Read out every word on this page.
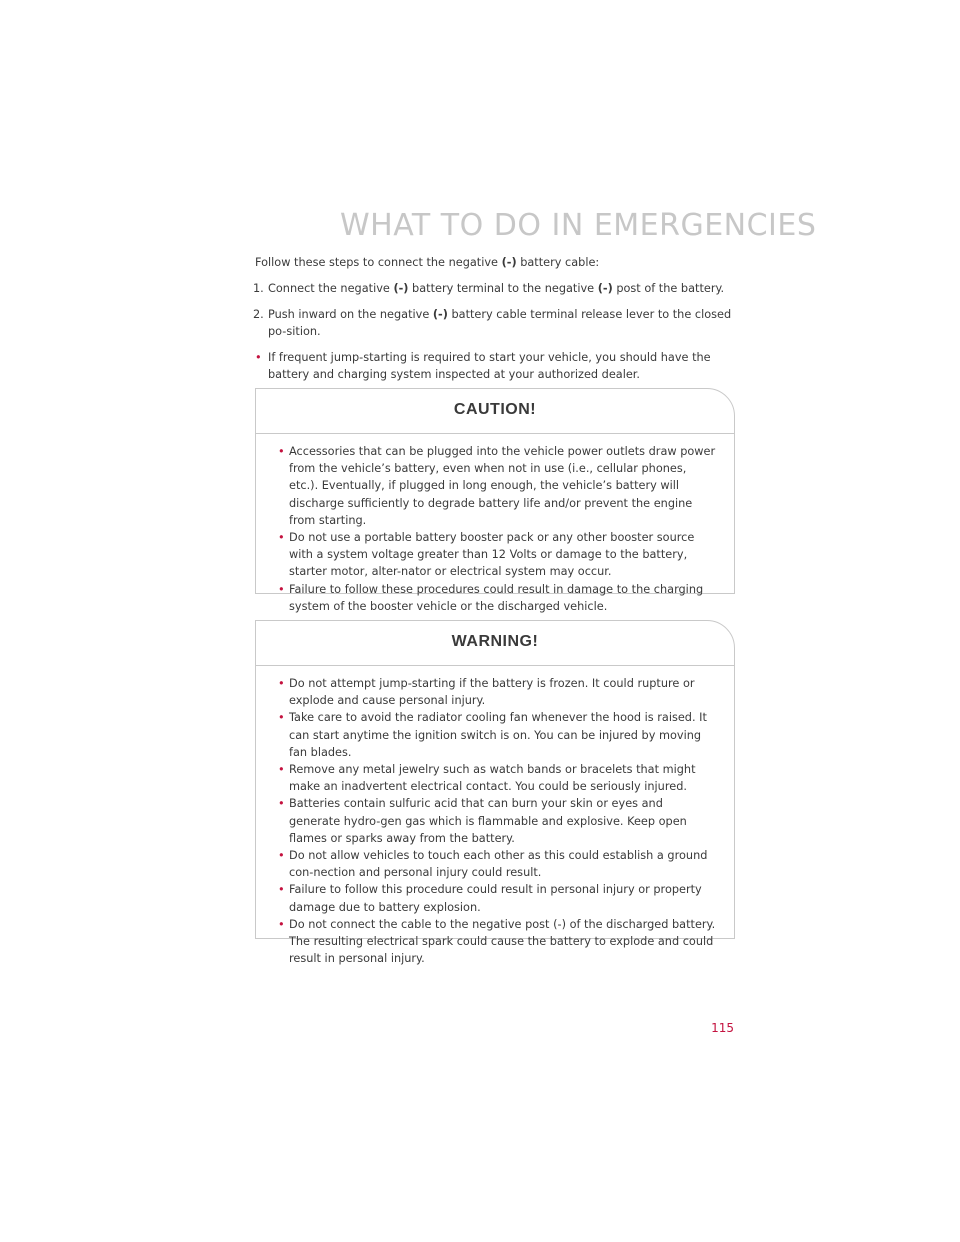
WHAT TO DO IN EMERGENCIES

Follow these steps to connect the negative (-) battery cable:

1. Connect the negative (-) battery terminal to the negative (-) post of the battery.
2. Push inward on the negative (-) battery cable terminal release lever to the closed po-sition.
• If frequent jump-starting is required to start your vehicle, you should have the battery and charging system inspected at your authorized dealer.
CAUTION!
• Accessories that can be plugged into the vehicle power outlets draw power from the vehicle’s battery, even when not in use (i.e., cellular phones, etc.). Eventually, if plugged in long enough, the vehicle’s battery will discharge sufficiently to degrade battery life and/or prevent the engine from starting.
• Do not use a portable battery booster pack or any other booster source with a system voltage greater than 12 Volts or damage to the battery, starter motor, alter-nator or electrical system may occur.
• Failure to follow these procedures could result in damage to the charging system of the booster vehicle or the discharged vehicle.
WARNING!
• Do not attempt jump-starting if the battery is frozen. It could rupture or explode and cause personal injury.
• Take care to avoid the radiator cooling fan whenever the hood is raised. It can start anytime the ignition switch is on. You can be injured by moving fan blades.
• Remove any metal jewelry such as watch bands or bracelets that might make an inadvertent electrical contact. You could be seriously injured.
• Batteries contain sulfuric acid that can burn your skin or eyes and generate hydro-gen gas which is flammable and explosive. Keep open flames or sparks away from the battery.
• Do not allow vehicles to touch each other as this could establish a ground con-nection and personal injury could result.
• Failure to follow this procedure could result in personal injury or property damage due to battery explosion.
• Do not connect the cable to the negative post (-) of the discharged battery. The resulting electrical spark could cause the battery to explode and could result in personal injury.
115
